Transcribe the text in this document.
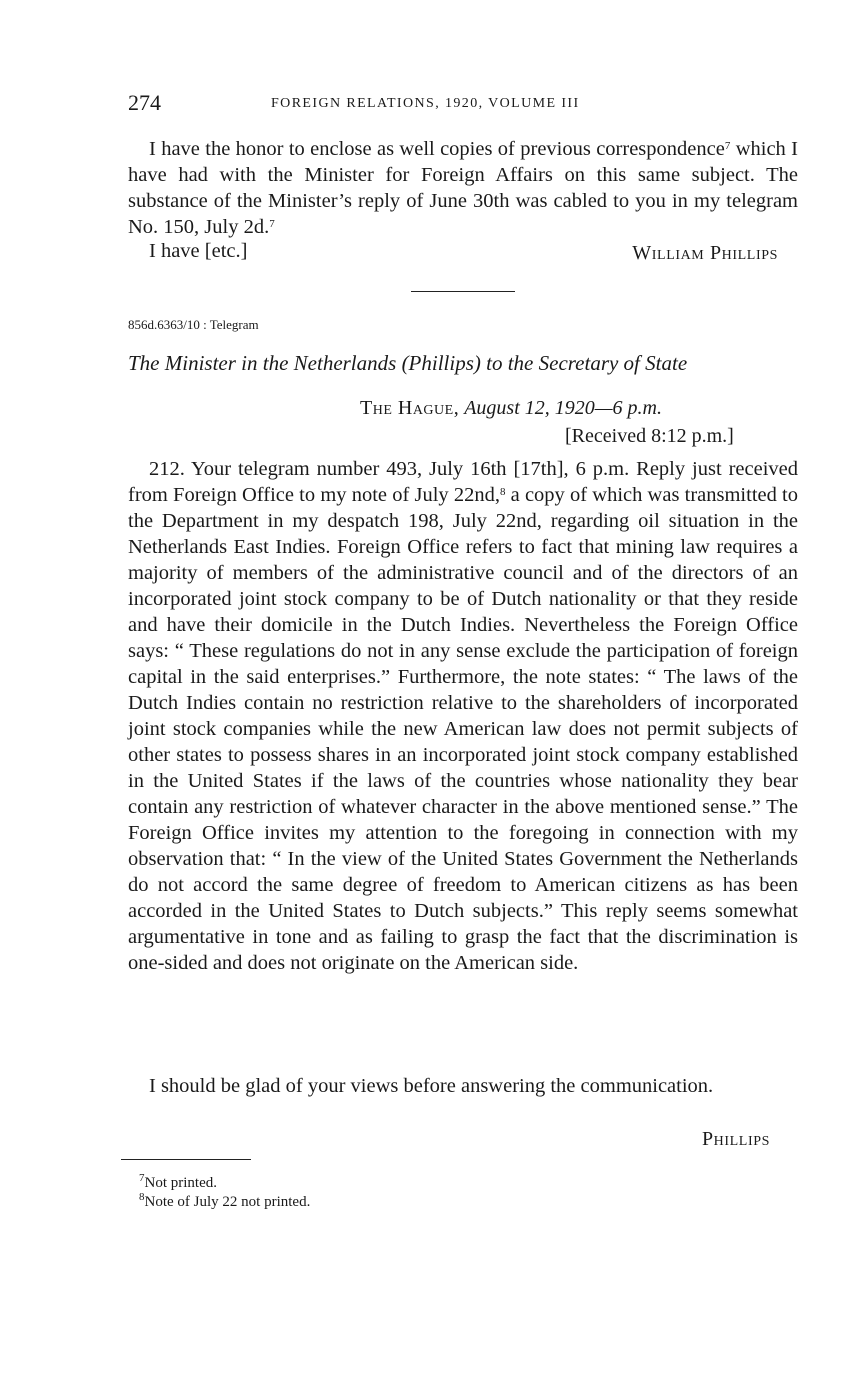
274	FOREIGN RELATIONS, 1920, VOLUME III

I have the honor to enclose as well copies of previous correspondence$^7$ which I have had with the Minister for Foreign Affairs on this same subject. The substance of the Minister’s reply of June 30th was cabled to you in my telegram No. 150, July 2d.$^7$

I have [etc.]	William Phillips
856d.6363/10 : Telegram
The Minister in the Netherlands (Phillips) to the Secretary of State
The Hague, August 12, 1920—6 p.m.
[Received 8:12 p.m.]

212. Your telegram number 493, July 16th [17th], 6 p.m. Reply just received from Foreign Office to my note of July 22nd,$^8$ a copy of which was transmitted to the Department in my despatch 198, July 22nd, regarding oil situation in the Netherlands East Indies. Foreign Office refers to fact that mining law requires a majority of members of the administrative council and of the directors of an incorporated joint stock company to be of Dutch nationality or that they reside and have their domicile in the Dutch Indies. Nevertheless the Foreign Office says: “ These regulations do not in any sense exclude the participation of foreign capital in the said enterprises.” Furthermore, the note states: “ The laws of the Dutch Indies contain no restriction relative to the shareholders of incorporated joint stock companies while the new American law does not permit subjects of other states to possess shares in an incorporated joint stock company established in the United States if the laws of the countries whose nationality they bear contain any restriction of whatever character in the above mentioned sense.” The Foreign Office invites my attention to the foregoing in connection with my observation that: “ In the view of the United States Government the Netherlands do not accord the same degree of freedom to American citizens as has been accorded in the United States to Dutch subjects.” This reply seems somewhat argumentative in tone and as failing to grasp the fact that the discrimination is one-sided and does not originate on the American side.

I should be glad of your views before answering the communication.

Phillips
$^7$Not printed.
$^8$Note of July 22 not printed.
